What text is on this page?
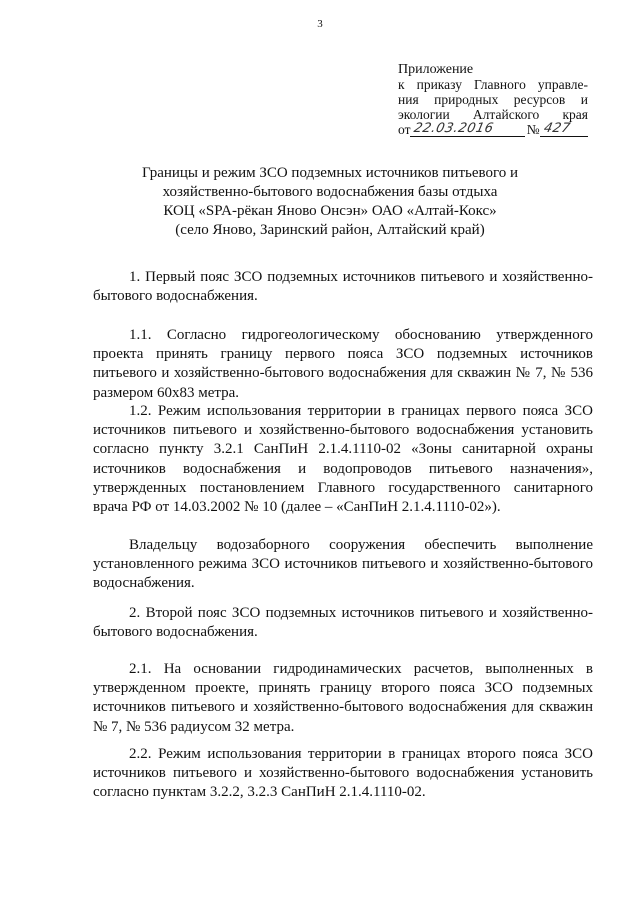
3
Приложение
к приказу Главного управле-
ния природных ресурсов и
экологии Алтайского края
от 22.03.2016 № 427
Границы и режим ЗСО подземных источников питьевого и
хозяйственно-бытового водоснабжения базы отдыха
КОЦ «SPA-рёкан Яново Онсэн» ОАО «Алтай-Кокс»
(село Яново, Заринский район, Алтайский край)
1. Первый пояс ЗСО подземных источников питьевого и хозяйственно-бытового водоснабжения.
1.1. Согласно гидрогеологическому обоснованию утвержденного проекта принять границу первого пояса ЗСО подземных источников питьевого и хозяйственно-бытового водоснабжения для скважин № 7, № 536 размером 60х83 метра.
1.2. Режим использования территории в границах первого пояса ЗСО источников питьевого и хозяйственно-бытового водоснабжения установить согласно пункту 3.2.1 СанПиН 2.1.4.1110-02 «Зоны санитарной охраны источников водоснабжения и водопроводов питьевого назначения», утвержденных постановлением Главного государственного санитарного врача РФ от 14.03.2002 № 10 (далее – «СанПиН 2.1.4.1110-02»).
Владельцу водозаборного сооружения обеспечить выполнение установленного режима ЗСО источников питьевого и хозяйственно-бытового водоснабжения.
2. Второй пояс ЗСО подземных источников питьевого и хозяйственно-бытового водоснабжения.
2.1. На основании гидродинамических расчетов, выполненных в утвержденном проекте, принять границу второго пояса ЗСО подземных источников питьевого и хозяйственно-бытового водоснабжения для скважин № 7, № 536 радиусом 32 метра.
2.2. Режим использования территории в границах второго пояса ЗСО источников питьевого и хозяйственно-бытового водоснабжения установить согласно пунктам 3.2.2, 3.2.3 СанПиН 2.1.4.1110-02.
